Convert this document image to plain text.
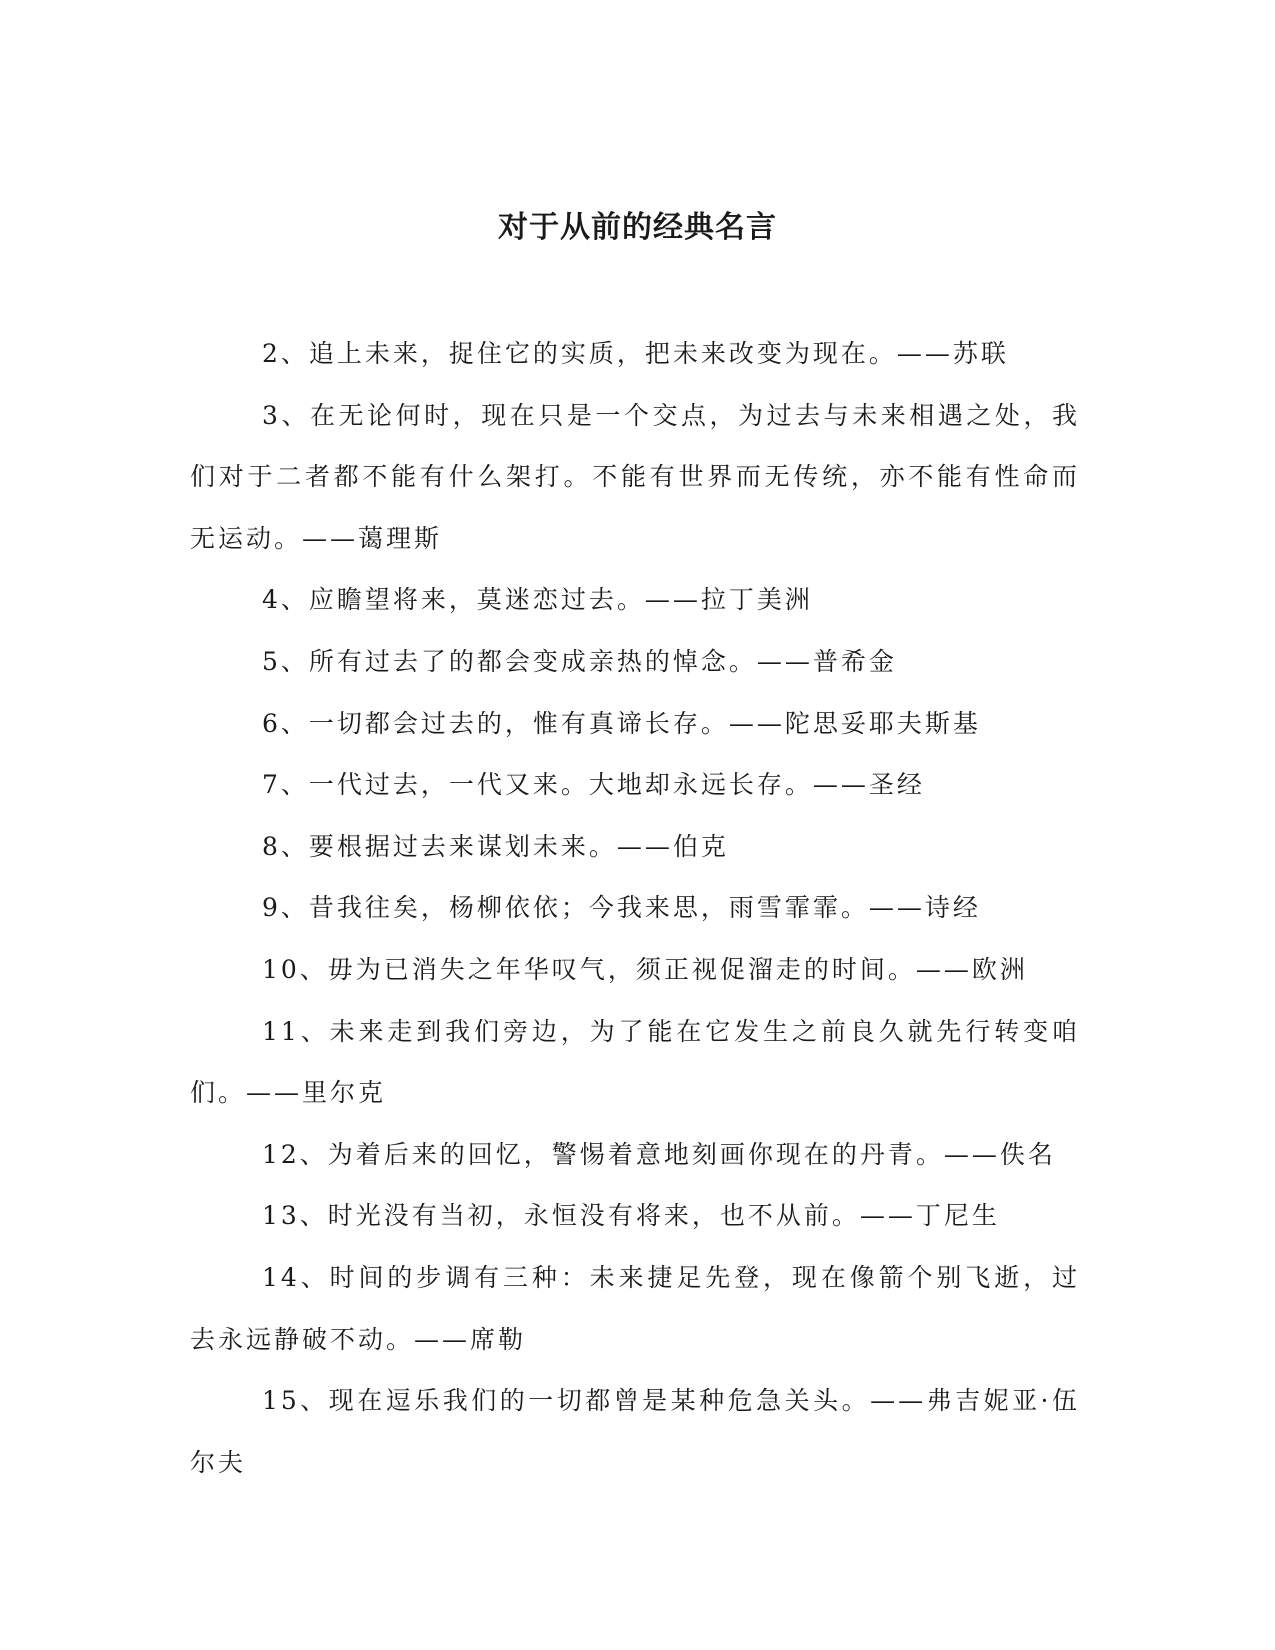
对于从前的经典名言

2、追上未来，捉住它的实质，把未来改变为现在。——苏联

3、在无论何时，现在只是一个交点，为过去与未来相遇之处，我们对于二者都不能有什么架打。不能有世界而无传统，亦不能有性命而无运动。——蔼理斯

4、应瞻望将来，莫迷恋过去。——拉丁美洲

5、所有过去了的都会变成亲热的悼念。——普希金

6、一切都会过去的，惟有真谛长存。——陀思妥耶夫斯基

7、一代过去，一代又来。大地却永远长存。——圣经

8、要根据过去来谋划未来。——伯克

9、昔我往矣，杨柳依依；今我来思，雨雪霏霏。——诗经

10、毋为已消失之年华叹气，须正视促溜走的时间。——欧洲

11、未来走到我们旁边，为了能在它发生之前良久就先行转变咱们。——里尔克

12、为着后来的回忆，警惕着意地刻画你现在的丹青。——佚名

13、时光没有当初，永恒没有将来，也不从前。——丁尼生

14、时间的步调有三种：未来捷足先登，现在像箭个别飞逝，过去永远静破不动。——席勒

15、现在逗乐我们的一切都曾是某种危急关头。——弗吉妮亚·伍尔夫
